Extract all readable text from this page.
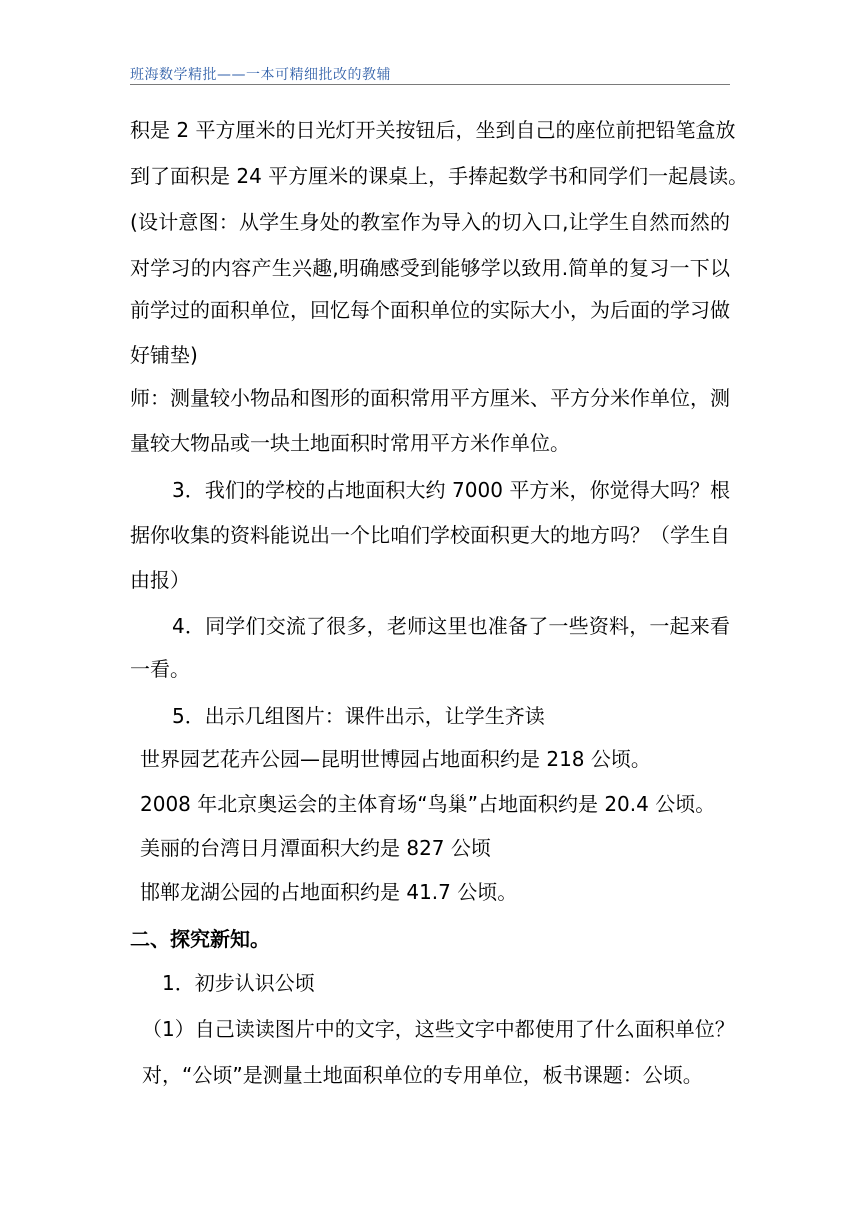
班海数学精批——一本可精细批改的教辅
积是 2 平方厘米的日光灯开关按钮后，坐到自己的座位前把铅笔盒放
到了面积是 24 平方厘米的课桌上，手捧起数学书和同学们一起晨读。
(设计意图：从学生身处的教室作为导入的切入口,让学生自然而然的
对学习的内容产生兴趣,明确感受到能够学以致用.简单的复习一下以
前学过的面积单位，回忆每个面积单位的实际大小，为后面的学习做
好铺垫)
师：测量较小物品和图形的面积常用平方厘米、平方分米作单位，测
量较大物品或一块土地面积时常用平方米作单位。
3．我们的学校的占地面积大约 7000 平方米，你觉得大吗？根
据你收集的资料能说出一个比咱们学校面积更大的地方吗？（学生自
由报）
4．同学们交流了很多，老师这里也准备了一些资料，一起来看
一看。
5．出示几组图片：课件出示，让学生齐读
世界园艺花卉公园—昆明世博园占地面积约是 218 公顷。
2008 年北京奥运会的主体育场“鸟巢”占地面积约是 20.4 公顷。
美丽的台湾日月潭面积大约是 827 公顷
邯郸龙湖公园的占地面积约是 41.7 公顷。
二、探究新知。
1．初步认识公顷
（1）自己读读图片中的文字，这些文字中都使用了什么面积单位？
对，“公顷”是测量土地面积单位的专用单位，板书课题：公顷。
